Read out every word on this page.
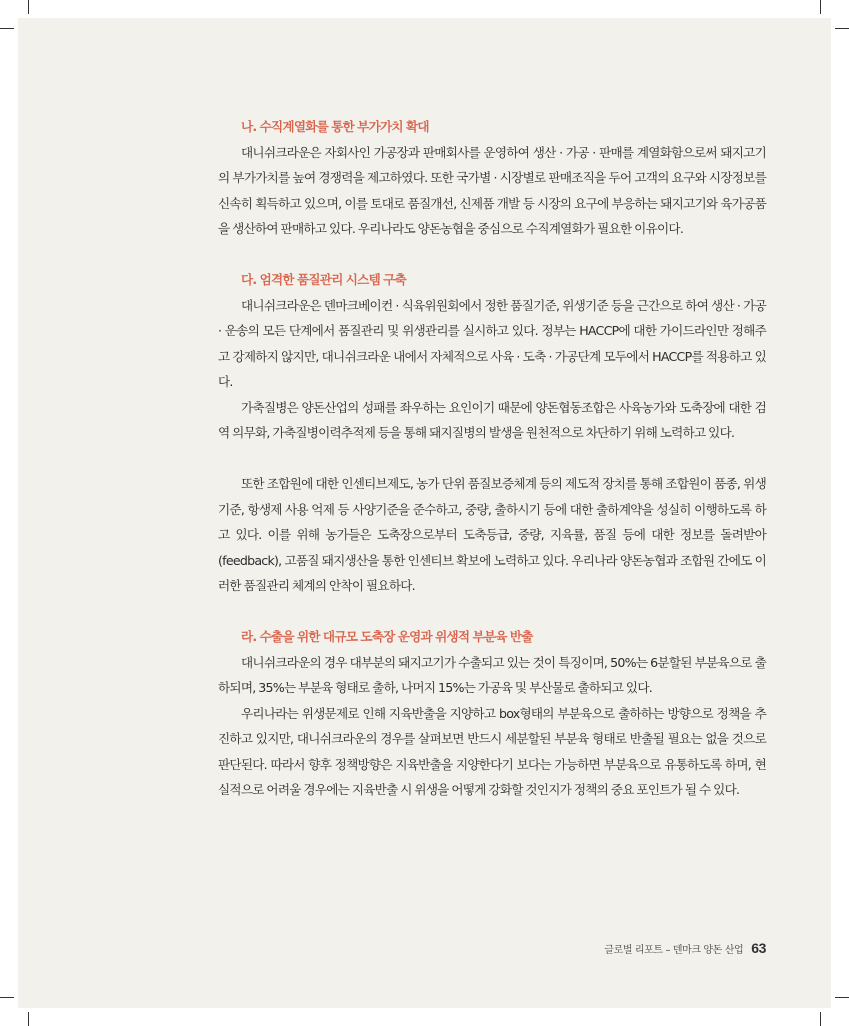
나. 수직계열화를 통한 부가가치 확대

대니쉬크라운은 자회사인 가공장과 판매회사를 운영하여 생산 · 가공 · 판매를 계열화함으로써 돼지고기의 부가가치를 높여 경쟁력을 제고하였다. 또한 국가별 · 시장별로 판매조직을 두어 고객의 요구와 시장정보를 신속히 획득하고 있으며, 이를 토대로 품질개선, 신제품 개발 등 시장의 요구에 부응하는 돼지고기와 육가공품을 생산하여 판매하고 있다. 우리나라도 양돈농협을 중심으로 수직계열화가 필요한 이유이다.

다. 엄격한 품질관리 시스템 구축

대니쉬크라운은 덴마크베이컨 · 식육위원회에서 정한 품질기준, 위생기준 등을 근간으로 하여 생산 · 가공 · 운송의 모든 단계에서 품질관리 및 위생관리를 실시하고 있다. 정부는 HACCP에 대한 가이드라인만 정해주고 강제하지 않지만, 대니쉬크라운 내에서 자체적으로 사육 · 도축 · 가공단계 모두에서 HACCP를 적용하고 있다.

가축질병은 양돈산업의 성패를 좌우하는 요인이기 때문에 양돈협동조합은 사육농가와 도축장에 대한 검역 의무화, 가축질병이력추적제 등을 통해 돼지질병의 발생을 원천적으로 차단하기 위해 노력하고 있다.

또한 조합원에 대한 인센티브제도, 농가 단위 품질보증체계 등의 제도적 장치를 통해 조합원이 품종, 위생기준, 항생제 사용 억제 등 사양기준을 준수하고, 중량, 출하시기 등에 대한 출하계약을 성실히 이행하도록 하고 있다. 이를 위해 농가들은 도축장으로부터 도축등급, 중량, 지육률, 품질 등에 대한 정보를 돌려받아(feedback), 고품질 돼지생산을 통한 인센티브 확보에 노력하고 있다. 우리나라 양돈농협과 조합원 간에도 이러한 품질관리 체계의 안착이 필요하다.

라. 수출을 위한 대규모 도축장 운영과 위생적 부분육 반출

대니쉬크라운의 경우 대부분의 돼지고기가 수출되고 있는 것이 특징이며, 50%는 6분할된 부분육으로 출하되며, 35%는 부분육 형태로 출하, 나머지 15%는 가공육 및 부산물로 출하되고 있다.

우리나라는 위생문제로 인해 지육반출을 지양하고 box형태의 부분육으로 출하하는 방향으로 정책을 추진하고 있지만, 대니쉬크라운의 경우를 살펴보면 반드시 세분할된 부분육 형태로 반출될 필요는 없을 것으로 판단된다. 따라서 향후 정책방향은 지육반출을 지양한다기 보다는 가능하면 부분육으로 유통하도록 하며, 현실적으로 어려울 경우에는 지육반출 시 위생을 어떻게 강화할 것인지가 정책의 중요 포인트가 될 수 있다.

글로벌 리포트 – 덴마크 양돈 산업 63
